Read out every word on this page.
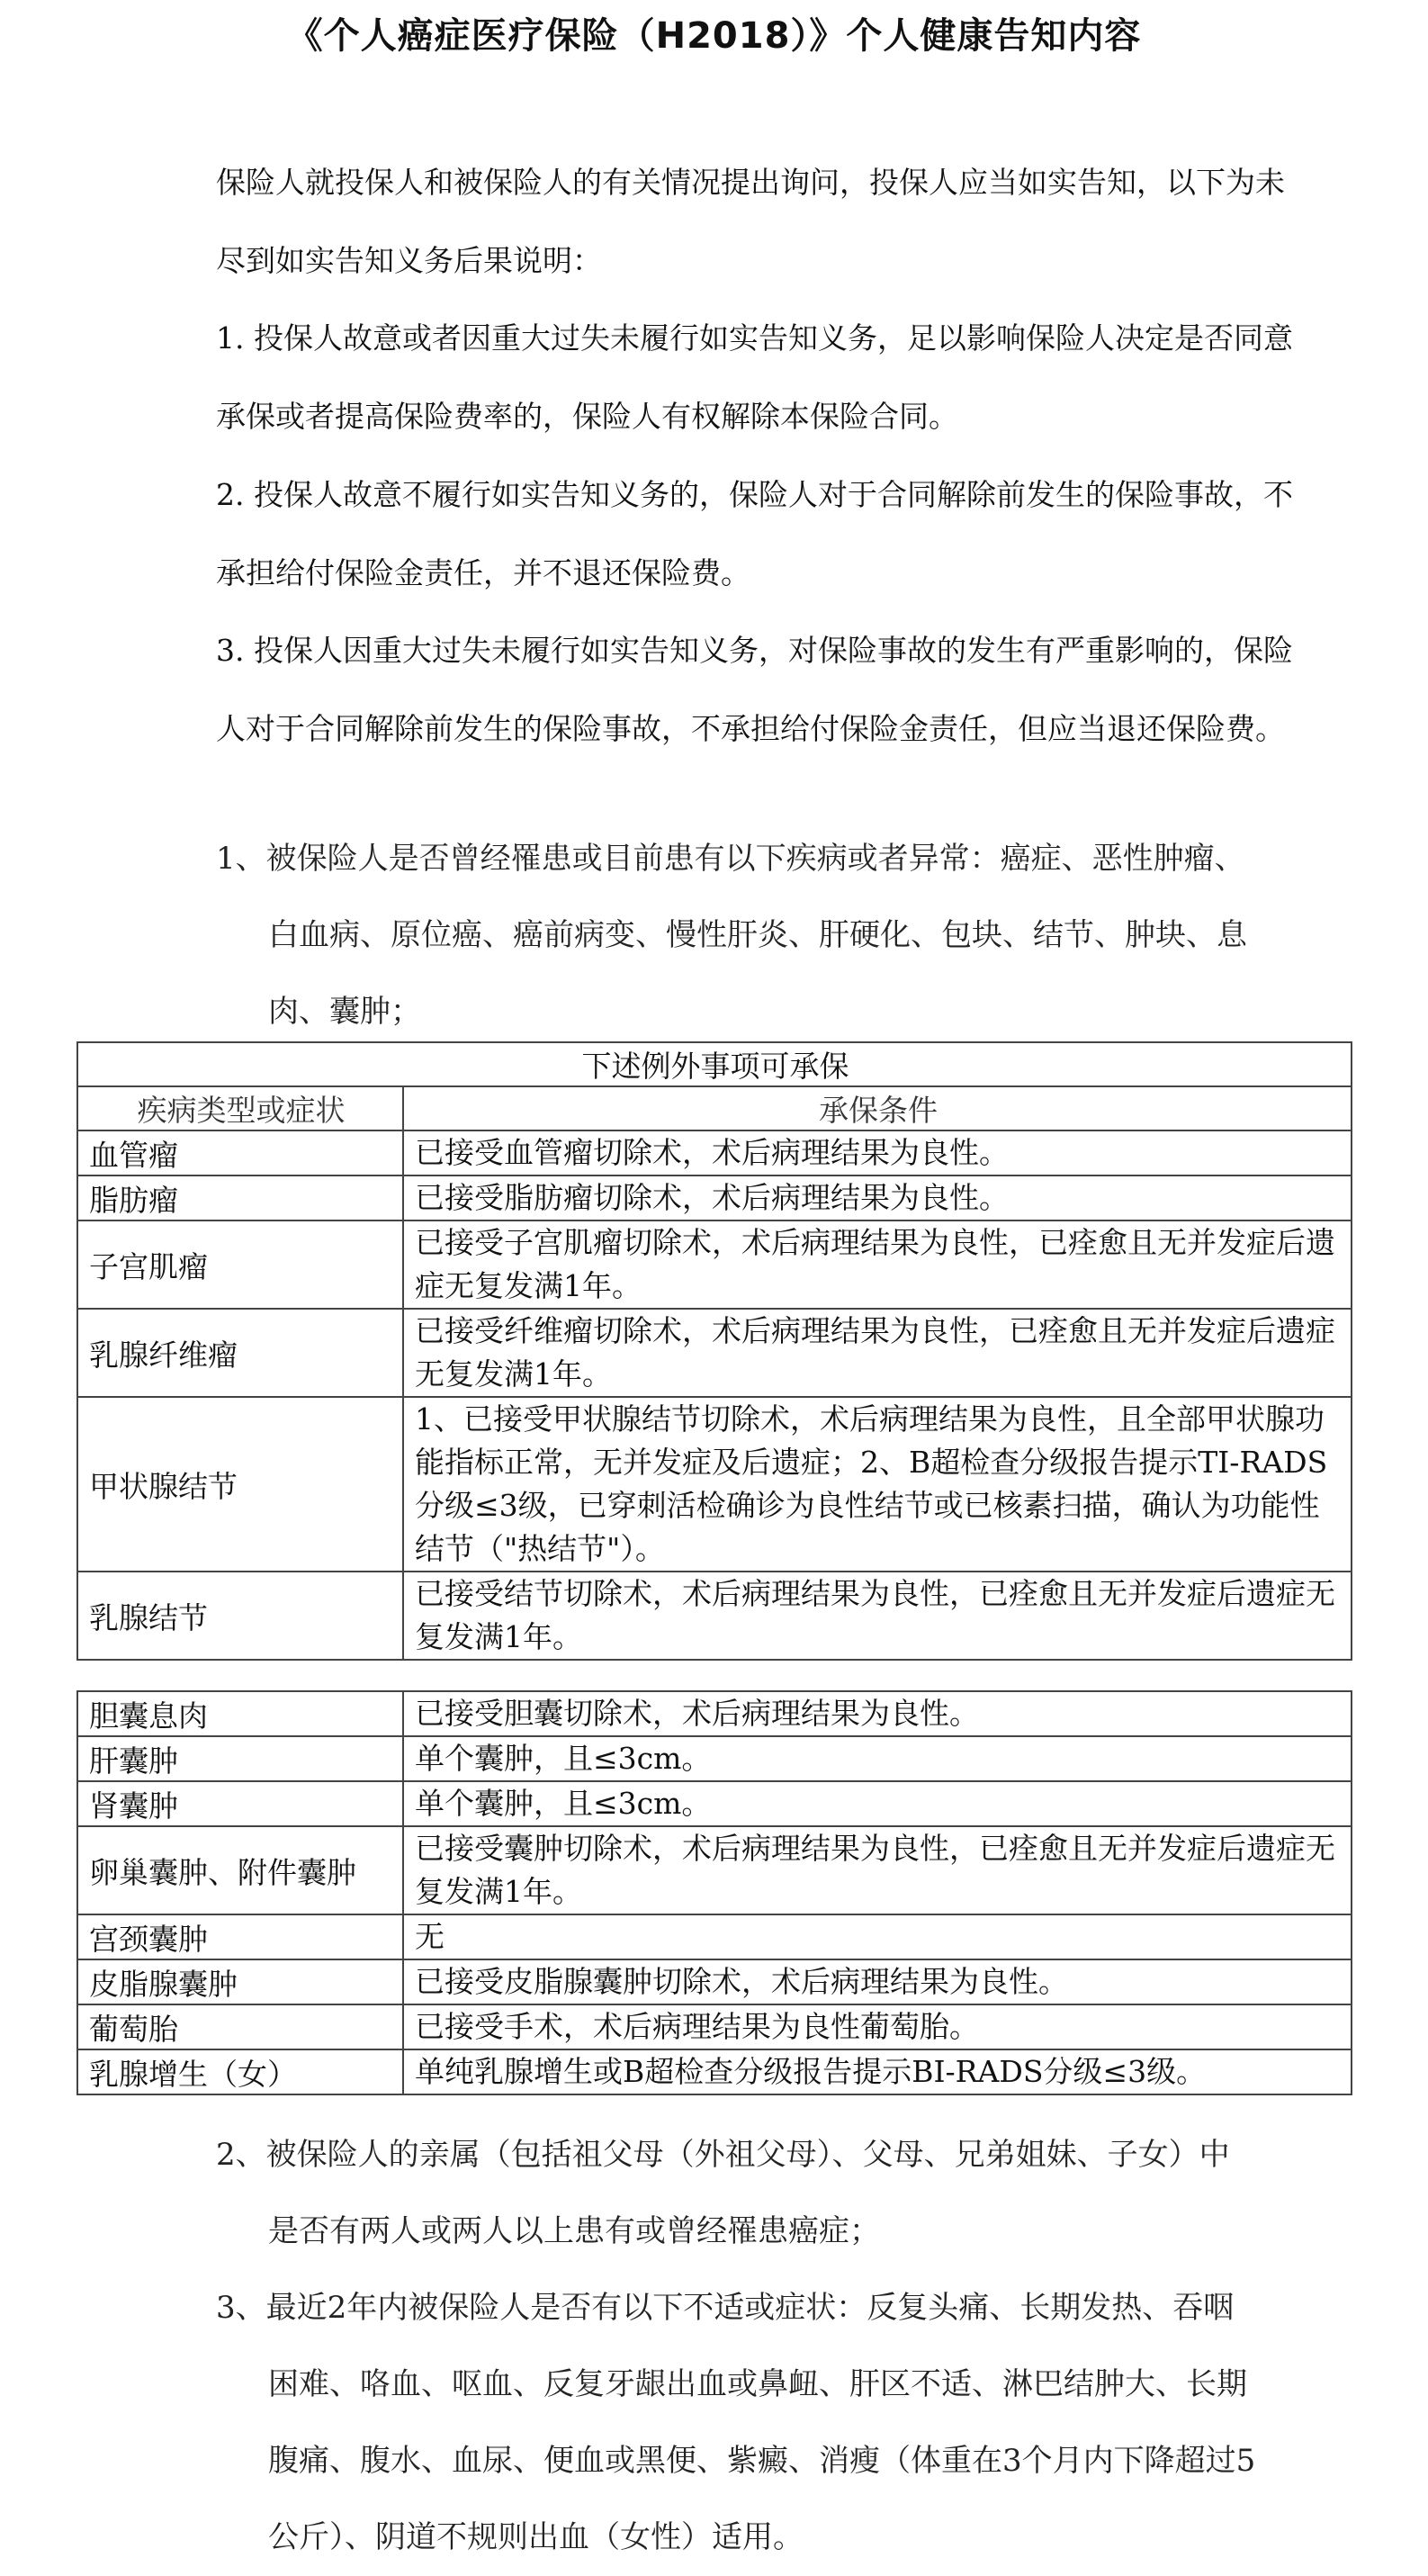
《个人癌症医疗保险（H2018）》个人健康告知内容

保险人就投保人和被保险人的有关情况提出询问，投保人应当如实告知，以下为未尽到如实告知义务后果说明：

1. 投保人故意或者因重大过失未履行如实告知义务，足以影响保险人决定是否同意承保或者提高保险费率的，保险人有权解除本保险合同。

2. 投保人故意不履行如实告知义务的，保险人对于合同解除前发生的保险事故，不承担给付保险金责任，并不退还保险费。

3. 投保人因重大过失未履行如实告知义务，对保险事故的发生有严重影响的，保险人对于合同解除前发生的保险事故，不承担给付保险金责任，但应当退还保险费。

1、被保险人是否曾经罹患或目前患有以下疾病或者异常：癌症、恶性肿瘤、白血病、原位癌、癌前病变、慢性肝炎、肝硬化、包块、结节、肿块、息肉、囊肿；

下述例外事项可承保	
疾病类型或症状	承保条件
血管瘤	已接受血管瘤切除术，术后病理结果为良性。
脂肪瘤	已接受脂肪瘤切除术，术后病理结果为良性。
子宫肌瘤	已接受子宫肌瘤切除术，术后病理结果为良性，已痊愈且无并发症后遗症无复发满1年。
乳腺纤维瘤	已接受纤维瘤切除术，术后病理结果为良性，已痊愈且无并发症后遗症无复发满1年。
甲状腺结节	1、已接受甲状腺结节切除术，术后病理结果为良性，且全部甲状腺功能指标正常，无并发症及后遗症；2、B超检查分级报告提示TI-RADS分级≤3级，已穿刺活检确诊为良性结节或已核素扫描，确认为功能性结节（"热结节"）。
乳腺结节	已接受结节切除术，术后病理结果为良性，已痊愈且无并发症后遗症无复发满1年。
胆囊息肉	已接受胆囊切除术，术后病理结果为良性。
肝囊肿	单个囊肿，且≤3cm。
肾囊肿	单个囊肿，且≤3cm。
卵巢囊肿、附件囊肿	已接受囊肿切除术，术后病理结果为良性，已痊愈且无并发症后遗症无复发满1年。
宫颈囊肿	无
皮脂腺囊肿	已接受皮脂腺囊肿切除术，术后病理结果为良性。
葡萄胎	已接受手术，术后病理结果为良性葡萄胎。
乳腺增生（女）	单纯乳腺增生或B超检查分级报告提示BI-RADS分级≤3级。

2、被保险人的亲属（包括祖父母（外祖父母）、父母、兄弟姐妹、子女）中是否有两人或两人以上患有或曾经罹患癌症；

3、最近2年内被保险人是否有以下不适或症状：反复头痛、长期发热、吞咽困难、咯血、呕血、反复牙龈出血或鼻衄、肝区不适、淋巴结肿大、长期腹痛、腹水、血尿、便血或黑便、紫癜、消瘦（体重在3个月内下降超过5公斤）、阴道不规则出血（女性）适用。
